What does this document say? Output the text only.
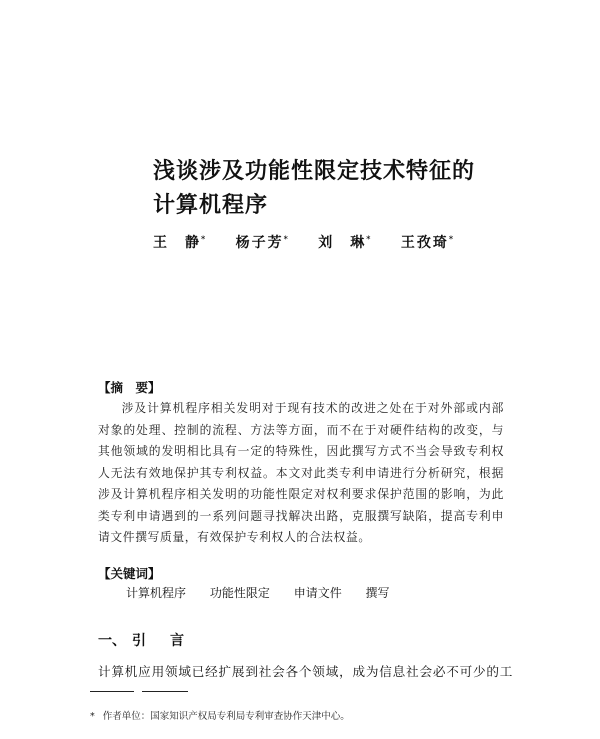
浅谈涉及功能性限定技术特征的
计算机程序
王　静* 杨子芳* 刘　琳* 王孜琦*
【摘　要】
涉及计算机程序相关发明对于现有技术的改进之处在于对外部或内部对象的处理、控制的流程、方法等方面，而不在于对硬件结构的改变，与其他领域的发明相比具有一定的特殊性，因此撰写方式不当会导致专利权人无法有效地保护其专利权益。本文对此类专利申请进行分析研究，根据涉及计算机程序相关发明的功能性限定对权利要求保护范围的影响，为此类专利申请遇到的一系列问题寻找解决出路，克服撰写缺陷，提高专利申请文件撰写质量，有效保护专利权人的合法权益。
【关键词】
计算机程序 功能性限定 申请文件 撰写
一、 引言
计算机应用领域已经扩展到社会各个领域，成为信息社会必不可少的工
* 作者单位：国家知识产权局专利局专利审查协作天津中心。
